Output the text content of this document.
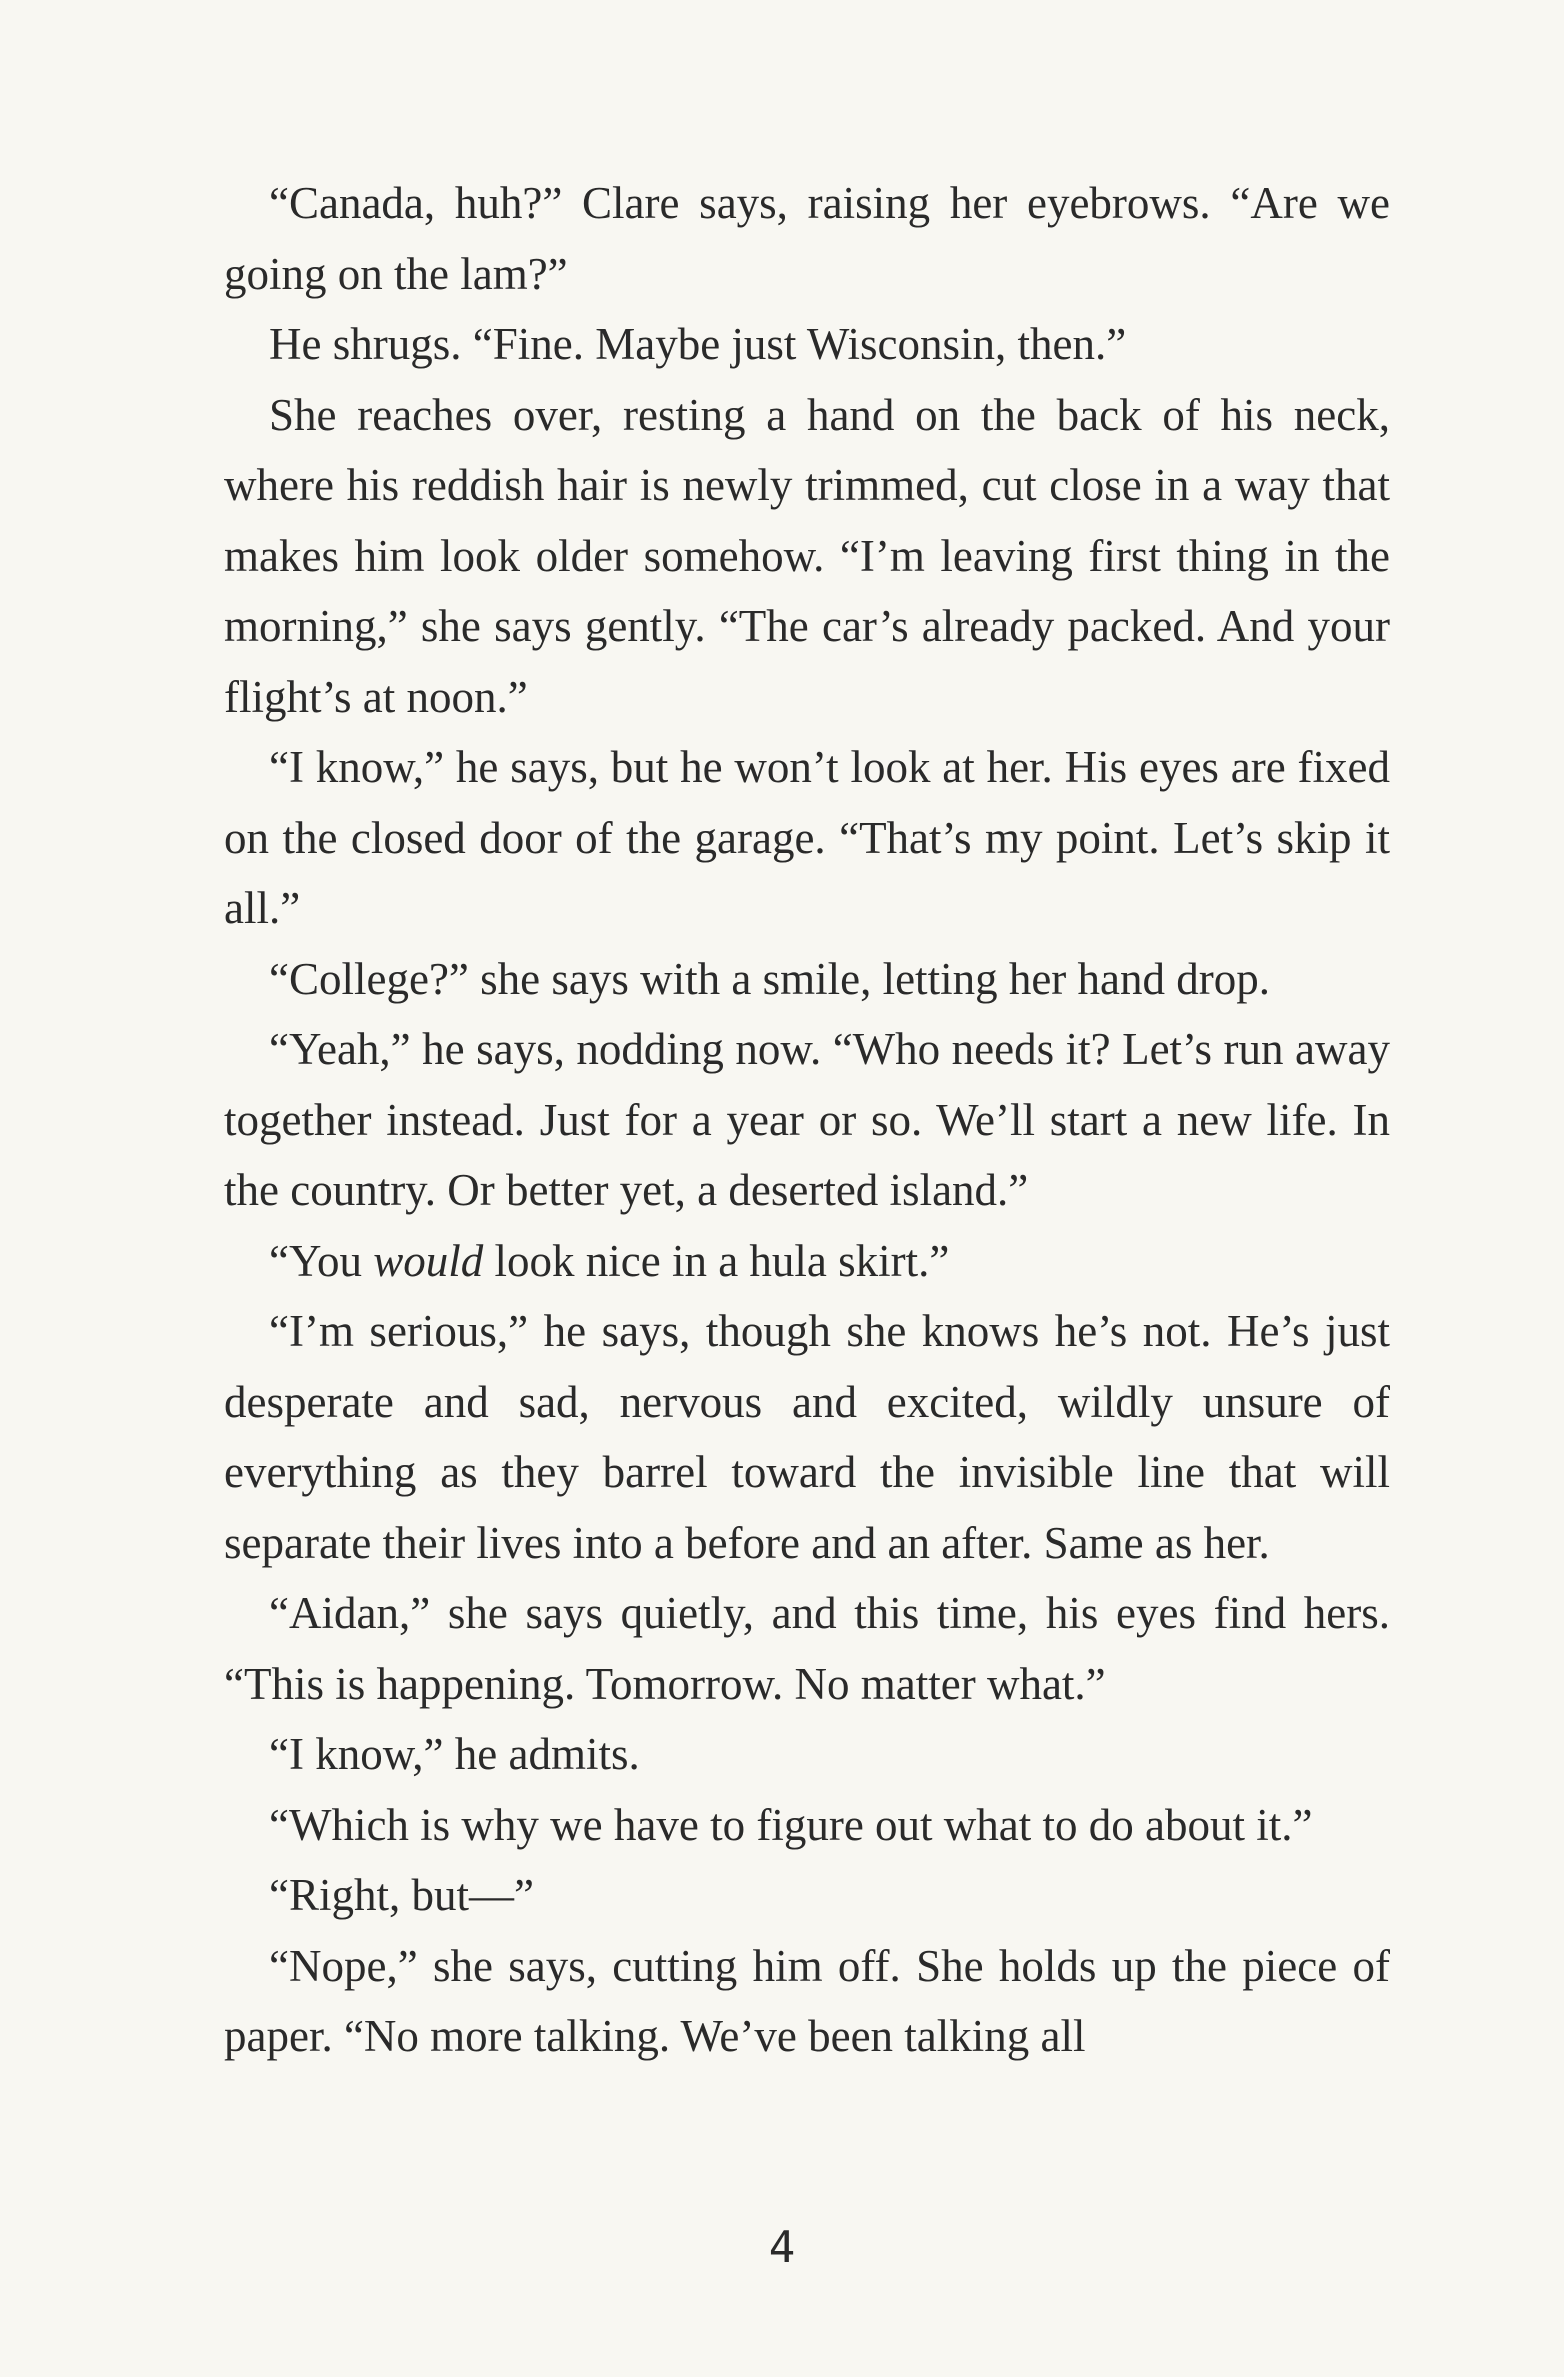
“Canada, huh?” Clare says, raising her eyebrows. “Are we going on the lam?”

He shrugs. “Fine. Maybe just Wisconsin, then.”

She reaches over, resting a hand on the back of his neck, where his reddish hair is newly trimmed, cut close in a way that makes him look older somehow. “I’m leaving first thing in the morning,” she says gently. “The car’s already packed. And your flight’s at noon.”

“I know,” he says, but he won’t look at her. His eyes are fixed on the closed door of the garage. “That’s my point. Let’s skip it all.”

“College?” she says with a smile, letting her hand drop.

“Yeah,” he says, nodding now. “Who needs it? Let’s run away together instead. Just for a year or so. We’ll start a new life. In the country. Or better yet, a deserted island.”

“You would look nice in a hula skirt.”

“I’m serious,” he says, though she knows he’s not. He’s just desperate and sad, nervous and excited, wildly unsure of everything as they barrel toward the invisible line that will separate their lives into a before and an after. Same as her.

“Aidan,” she says quietly, and this time, his eyes find hers. “This is happening. Tomorrow. No matter what.”

“I know,” he admits.

“Which is why we have to figure out what to do about it.”

“Right, but—”

“Nope,” she says, cutting him off. She holds up the piece of paper. “No more talking. We’ve been talking all

4
